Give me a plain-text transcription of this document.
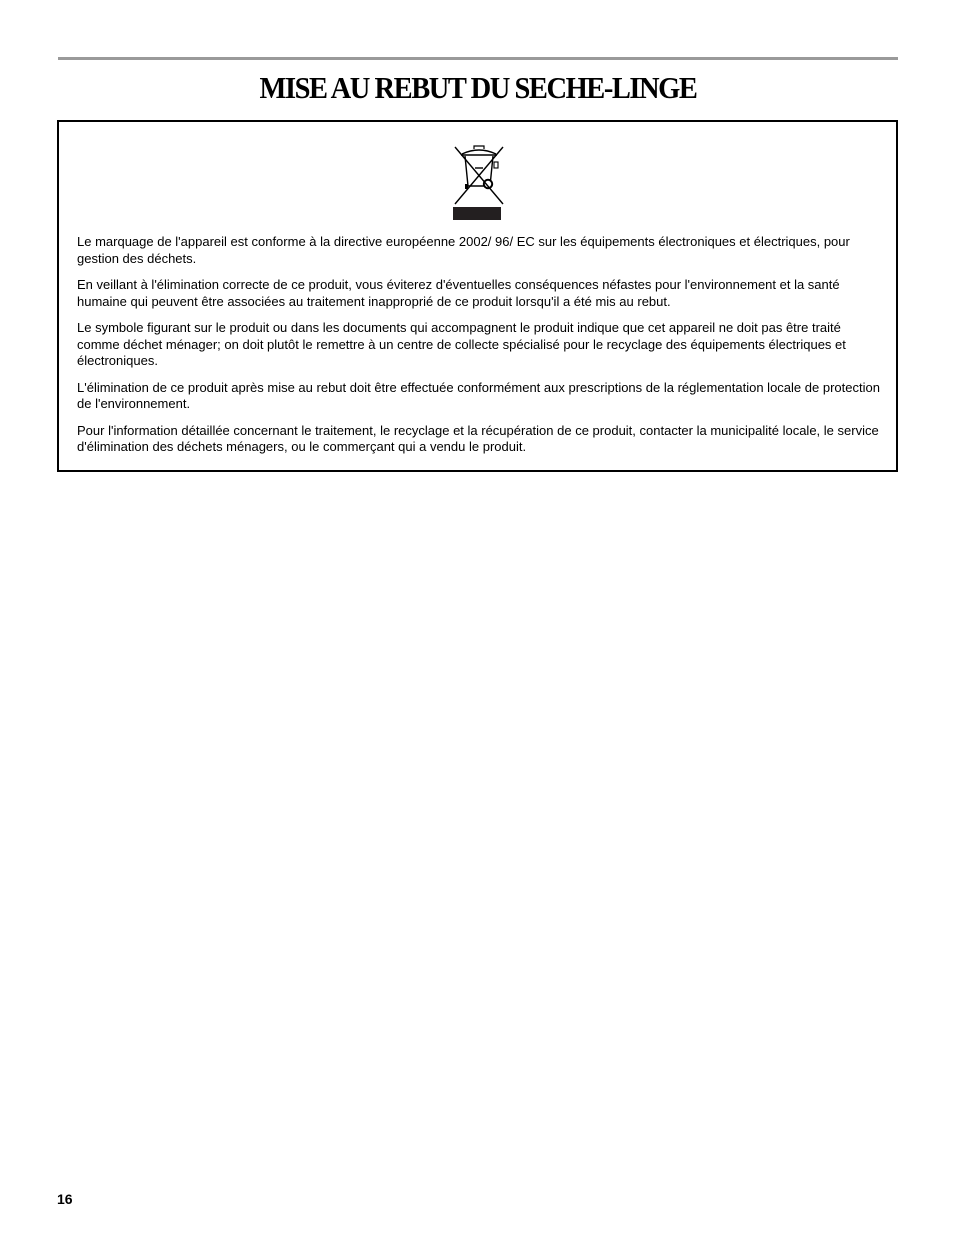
MISE AU REBUT DU SECHE-LINGE

Le marquage de l'appareil est conforme à la directive européenne 2002/ 96/ EC sur les équipements électroniques et électriques, pour gestion des déchets.

En veillant à l'élimination correcte de ce produit, vous éviterez d'éventuelles conséquences néfastes pour l'environnement et la santé humaine qui peuvent être associées au traitement inapproprié de ce produit lorsqu'il a été mis au rebut.

Le symbole figurant sur le produit ou dans les documents qui accompagnent le produit indique que cet appareil ne doit pas être traité comme déchet ménager; on doit plutôt le remettre à un centre de collecte spécialisé pour le recyclage des équipements électriques et électroniques.

L'élimination de ce produit après mise au rebut doit être effectuée conformément aux prescriptions de la réglementation locale de protection de l'environnement.

Pour l'information détaillée concernant le traitement, le recyclage et la récupération de ce produit, contacter la municipalité locale, le service d'élimination des déchets ménagers, ou le commerçant qui a vendu le produit.

16
